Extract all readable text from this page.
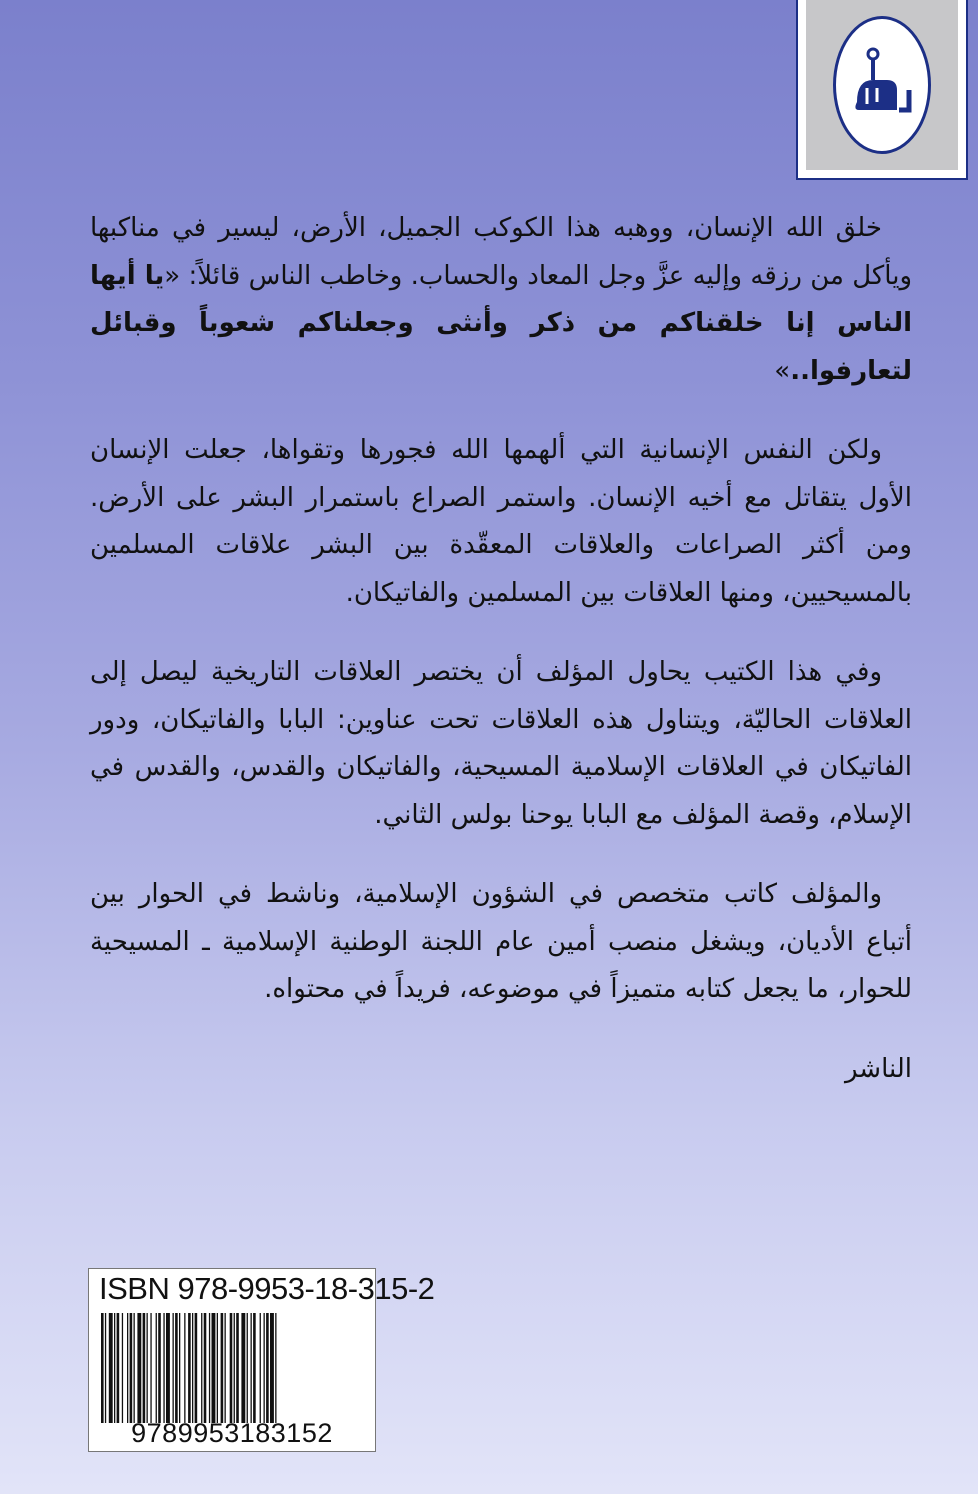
خلق الله الإنسان، ووهبه هذا الكوكب الجميل، الأرض، ليسير في مناكبها ويأكل من رزقه وإليه عزَّ وجل المعاد والحساب. وخاطب الناس قائلاً: «يا أيها الناس إنا خلقناكم من ذكر وأنثى وجعلناكم شعوباً وقبائل لتعارفوا..»

ولكن النفس الإنسانية التي ألهمها الله فجورها وتقواها، جعلت الإنسان الأول يتقاتل مع أخيه الإنسان. واستمر الصراع باستمرار البشر على الأرض. ومن أكثر الصراعات والعلاقات المعقّدة بين البشر علاقات المسلمين بالمسيحيين، ومنها العلاقات بين المسلمين والفاتيكان.

وفي هذا الكتيب يحاول المؤلف أن يختصر العلاقات التاريخية ليصل إلى العلاقات الحاليّة، ويتناول هذه العلاقات تحت عناوين: البابا والفاتيكان، ودور الفاتيكان في العلاقات الإسلامية المسيحية، والفاتيكان والقدس، والقدس في الإسلام، وقصة المؤلف مع البابا يوحنا بولس الثاني.

والمؤلف كاتب متخصص في الشؤون الإسلامية، وناشط في الحوار بين أتباع الأديان، ويشغل منصب أمين عام اللجنة الوطنية الإسلامية ـ المسيحية للحوار، ما يجعل كتابه متميزاً في موضوعه، فريداً في محتواه.

الناشر

ISBN 978-9953-18-315-2
9789953183152
